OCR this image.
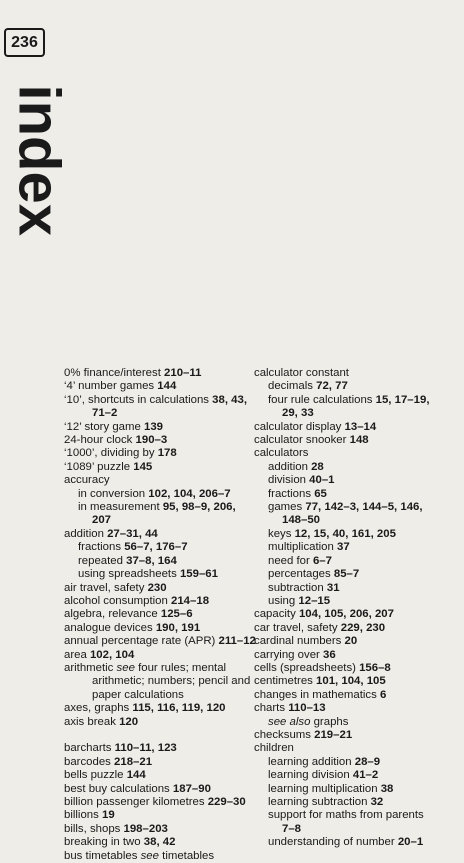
236
index
0% finance/interest 210–11
‘4’ number games 144
‘10’, shortcuts in calculations 38, 43,
71–2
‘12’ story game 139
24-hour clock 190–3
‘1000’, dividing by 178
‘1089’ puzzle 145
accuracy
in conversion 102, 104, 206–7
in measurement 95, 98–9, 206,
207
addition 27–31, 44
fractions 56–7, 176–7
repeated 37–8, 164
using spreadsheets 159–61
air travel, safety 230
alcohol consumption 214–18
algebra, relevance 125–6
analogue devices 190, 191
annual percentage rate (APR) 211–12
area 102, 104
arithmetic see four rules; mental
arithmetic; numbers; pencil and
paper calculations
axes, graphs 115, 116, 119, 120
axis break 120
barcharts 110–11, 123
barcodes 218–21
bells puzzle 144
best buy calculations 187–90
billion passenger kilometres 229–30
billions 19
bills, shops 198–203
breaking in two 38, 42
bus timetables see timetables
calculator constant
decimals 72, 77
four rule calculations 15, 17–19,
29, 33
calculator display 13–14
calculator snooker 148
calculators
addition 28
division 40–1
fractions 65
games 77, 142–3, 144–5, 146,
148–50
keys 12, 15, 40, 161, 205
multiplication 37
need for 6–7
percentages 85–7
subtraction 31
using 12–15
capacity 104, 105, 206, 207
car travel, safety 229, 230
cardinal numbers 20
carrying over 36
cells (spreadsheets) 156–8
centimetres 101, 104, 105
changes in mathematics 6
charts 110–13
see also graphs
checksums 219–21
children
learning addition 28–9
learning division 41–2
learning multiplication 38
learning subtraction 32
support for maths from parents
7–8
understanding of number 20–1
